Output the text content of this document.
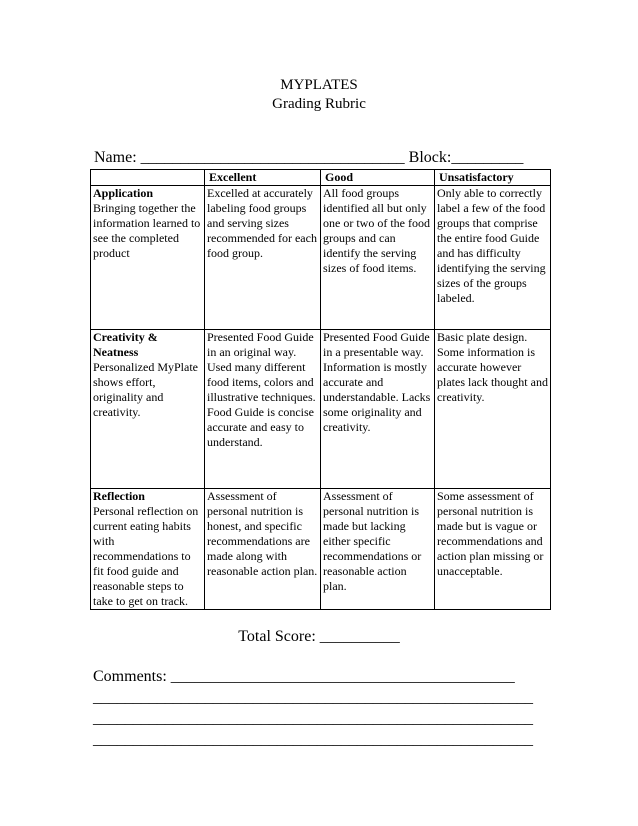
MYPLATES
Grading Rubric
Name: _________________________________ Block:_________
	Excellent	Good	Unsatisfactory

Application
Bringing together the information learned to see the completed product	Excelled at accurately labeling food groups and serving sizes recommended for each food group.	All food groups identified all but only one or two of the food groups and can identify the serving sizes of food items.	Only able to correctly label a few of the food groups that comprise the entire food Guide and has difficulty identifying the serving sizes of the groups labeled.

Creativity & Neatness
Personalized MyPlate shows effort, originality and creativity.	Presented Food Guide in an original way. Used many different food items, colors and illustrative techniques. Food Guide is concise accurate and easy to understand.	Presented Food Guide in a presentable way. Information is mostly accurate and understandable. Lacks some originality and creativity.	Basic plate design. Some information is accurate however plates lack thought and creativity.

Reflection
Personal reflection on current eating habits with recommendations to fit food guide and reasonable steps to take to get on track.	Assessment of personal nutrition is honest, and specific recommendations are made along with reasonable action plan.	Assessment of personal nutrition is made but lacking either specific recommendations or reasonable action plan.	Some assessment of personal nutrition is made but is vague or recommendations and action plan missing or unacceptable.
Total Score: __________
Comments: ___________________________________________
_______________________________________________________
_______________________________________________________
_______________________________________________________
